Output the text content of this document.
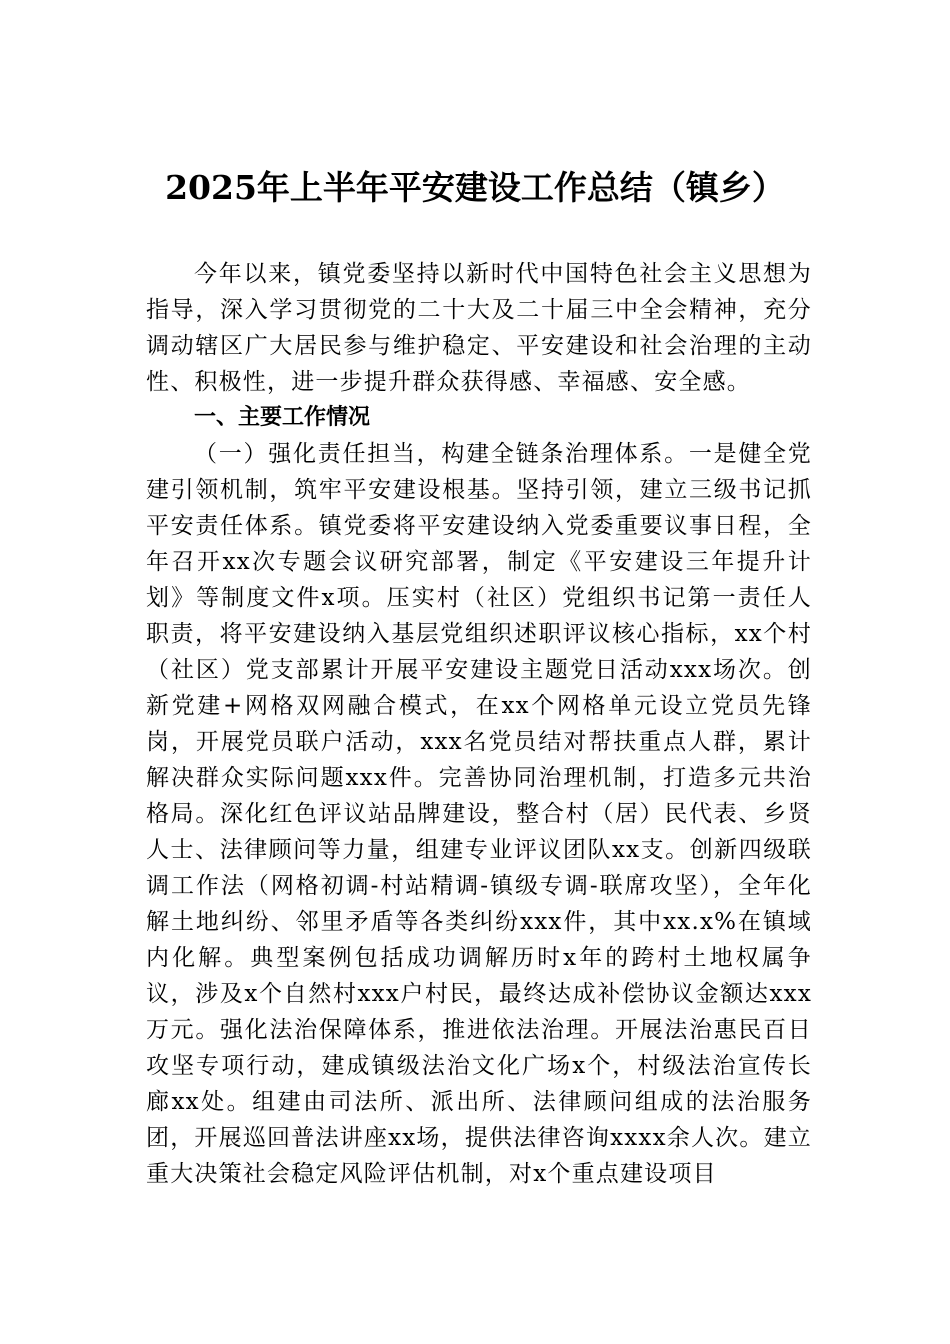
2025年上半年平安建设工作总结（镇乡）

今年以来，镇党委坚持以新时代中国特色社会主义思想为指导，深入学习贯彻党的二十大及二十届三中全会精神，充分调动辖区广大居民参与维护稳定、平安建设和社会治理的主动性、积极性，进一步提升群众获得感、幸福感、安全感。

一、主要工作情况

（一）强化责任担当，构建全链条治理体系。一是健全党建引领机制，筑牢平安建设根基。坚持引领，建立三级书记抓平安责任体系。镇党委将平安建设纳入党委重要议事日程，全年召开xx次专题会议研究部署，制定《平安建设三年提升计划》等制度文件x项。压实村（社区）党组织书记第一责任人职责，将平安建设纳入基层党组织述职评议核心指标，xx个村（社区）党支部累计开展平安建设主题党日活动xxx场次。创新党建+网格双网融合模式，在xx个网格单元设立党员先锋岗，开展党员联户活动，xxx名党员结对帮扶重点人群，累计解决群众实际问题xxx件。完善协同治理机制，打造多元共治格局。深化红色评议站品牌建设，整合村（居）民代表、乡贤人士、法律顾问等力量，组建专业评议团队xx支。创新四级联调工作法（网格初调-村站精调-镇级专调-联席攻坚），全年化解土地纠纷、邻里矛盾等各类纠纷xxx件，其中xx.x%在镇域内化解。典型案例包括成功调解历时x年的跨村土地权属争议，涉及x个自然村xxx户村民，最终达成补偿协议金额达xxx万元。强化法治保障体系，推进依法治理。开展法治惠民百日攻坚专项行动，建成镇级法治文化广场x个，村级法治宣传长廊xx处。组建由司法所、派出所、法律顾问组成的法治服务团，开展巡回普法讲座xx场，提供法律咨询xxxx余人次。建立重大决策社会稳定风险评估机制，对x个重点建设项目
